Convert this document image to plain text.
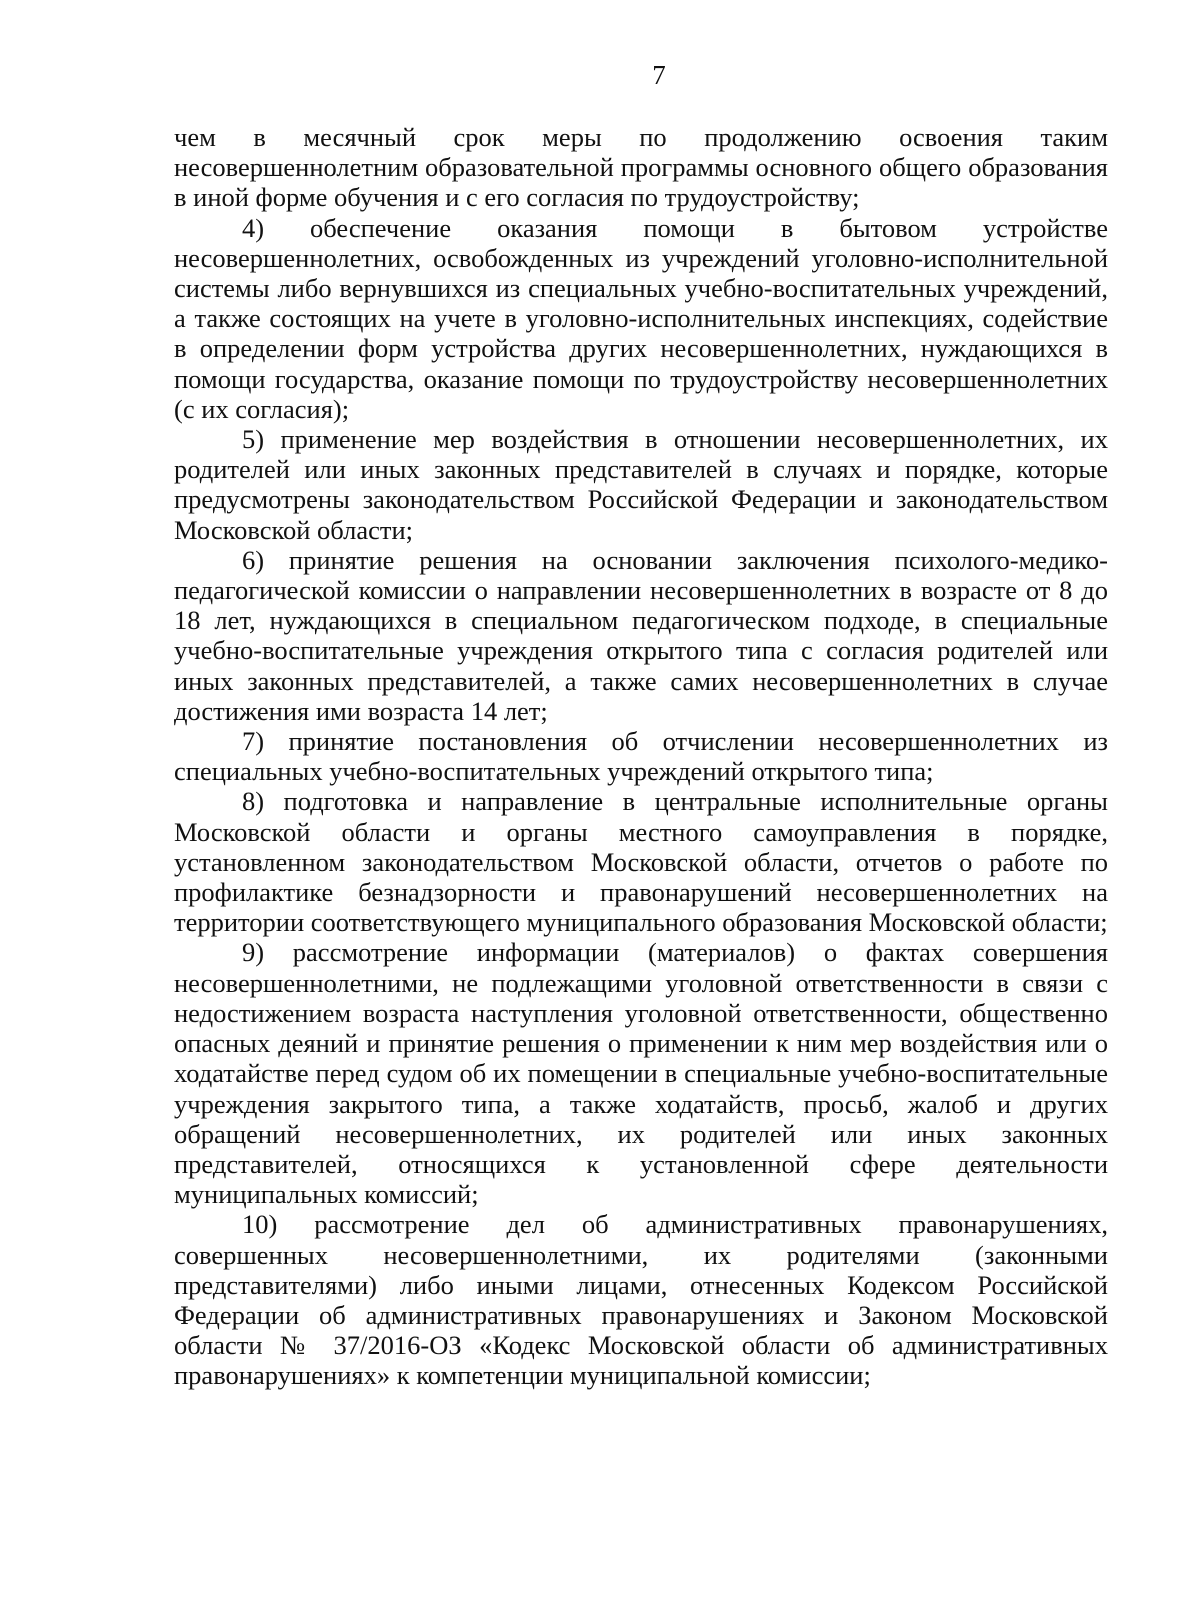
7

чем в месячный срок меры по продолжению освоения таким несовершеннолетним образовательной программы основного общего образования в иной форме обучения и с его согласия по трудоустройству;

4) обеспечение оказания помощи в бытовом устройстве несовершеннолетних, освобожденных из учреждений уголовно-исполнительной системы либо вернувшихся из специальных учебно-воспитательных учреждений, а также состоящих на учете в уголовно-исполнительных инспекциях, содействие в определении форм устройства других несовершеннолетних, нуждающихся в помощи государства, оказание помощи по трудоустройству несовершеннолетних (с их согласия);

5) применение мер воздействия в отношении несовершеннолетних, их родителей или иных законных представителей в случаях и порядке, которые предусмотрены законодательством Российской Федерации и законодательством Московской области;

6) принятие решения на основании заключения психолого-медико-педагогической комиссии о направлении несовершеннолетних в возрасте от 8 до 18 лет, нуждающихся в специальном педагогическом подходе, в специальные учебно-воспитательные учреждения открытого типа с согласия родителей или иных законных представителей, а также самих несовершеннолетних в случае достижения ими возраста 14 лет;

7) принятие постановления об отчислении несовершеннолетних из специальных учебно-воспитательных учреждений открытого типа;

8) подготовка и направление в центральные исполнительные органы Московской области и органы местного самоуправления в порядке, установленном законодательством Московской области, отчетов о работе по профилактике безнадзорности и правонарушений несовершеннолетних на территории соответствующего муниципального образования Московской области;

9) рассмотрение информации (материалов) о фактах совершения несовершеннолетними, не подлежащими уголовной ответственности в связи с недостижением возраста наступления уголовной ответственности, общественно опасных деяний и принятие решения о применении к ним мер воздействия или о ходатайстве перед судом об их помещении в специальные учебно-воспитательные учреждения закрытого типа, а также ходатайств, просьб, жалоб и других обращений несовершеннолетних, их родителей или иных законных представителей, относящихся к установленной сфере деятельности муниципальных комиссий;

10) рассмотрение дел об административных правонарушениях, совершенных несовершеннолетними, их родителями (законными представителями) либо иными лицами, отнесенных Кодексом Российской Федерации об административных правонарушениях и Законом Московской области № 37/2016-ОЗ «Кодекс Московской области об административных правонарушениях» к компетенции муниципальной комиссии;
